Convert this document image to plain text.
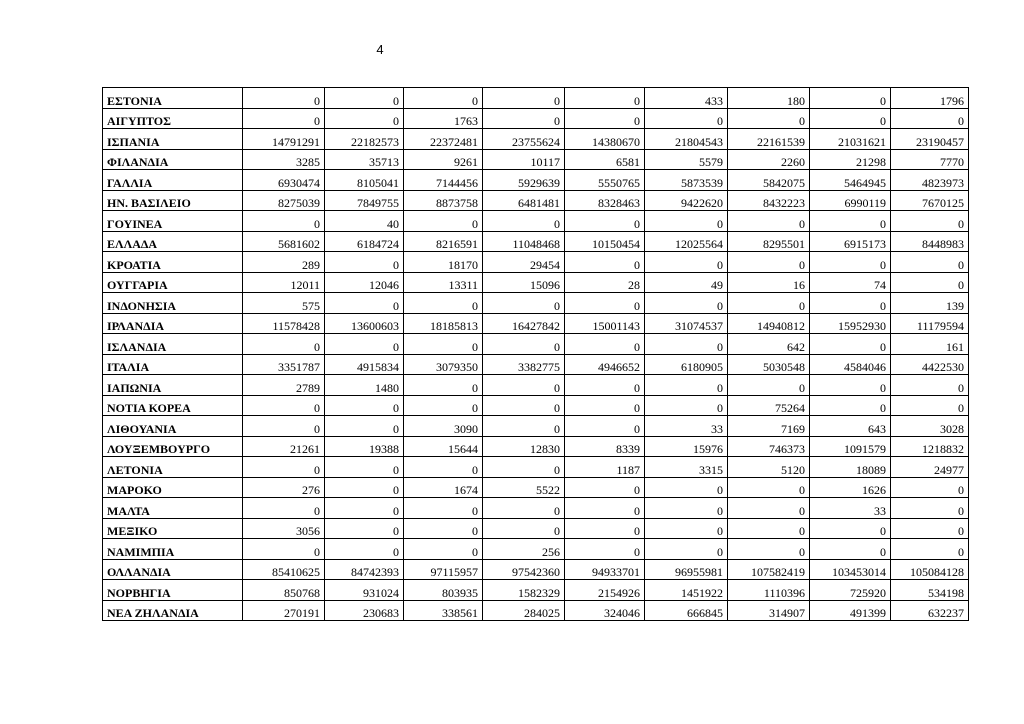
4
ΕΣΤΟΝΙΑ	0	0	0	0	0	433	180	0	1796
ΑΙΓΥΠΤΟΣ	0	0	1763	0	0	0	0	0	0
ΙΣΠΑΝΙΑ	14791291	22182573	22372481	23755624	14380670	21804543	22161539	21031621	23190457
ΦΙΛΑΝΔΙΑ	3285	35713	9261	10117	6581	5579	2260	21298	7770
ΓΑΛΛΙΑ	6930474	8105041	7144456	5929639	5550765	5873539	5842075	5464945	4823973
ΗΝ. ΒΑΣΙΛΕΙΟ	8275039	7849755	8873758	6481481	8328463	9422620	8432223	6990119	7670125
ΓΟΥΙΝΕΑ	0	40	0	0	0	0	0	0	0
ΕΛΛΑΔΑ	5681602	6184724	8216591	11048468	10150454	12025564	8295501	6915173	8448983
ΚΡΟΑΤΙΑ	289	0	18170	29454	0	0	0	0	0
ΟΥΓΓΑΡΙΑ	12011	12046	13311	15096	28	49	16	74	0
ΙΝΔΟΝΗΣΙΑ	575	0	0	0	0	0	0	0	139
ΙΡΛΑΝΔΙΑ	11578428	13600603	18185813	16427842	15001143	31074537	14940812	15952930	11179594
ΙΣΛΑΝΔΙΑ	0	0	0	0	0	0	642	0	161
ΙΤΑΛΙΑ	3351787	4915834	3079350	3382775	4946652	6180905	5030548	4584046	4422530
ΙΑΠΩΝΙΑ	2789	1480	0	0	0	0	0	0	0
ΝΟΤΙΑ ΚΟΡΕΑ	0	0	0	0	0	0	75264	0	0
ΛΙΘΟΥΑΝΙΑ	0	0	3090	0	0	33	7169	643	3028
ΛΟΥΞΕΜΒΟΥΡΓΟ	21261	19388	15644	12830	8339	15976	746373	1091579	1218832
ΛΕΤΟΝΙΑ	0	0	0	0	1187	3315	5120	18089	24977
ΜΑΡΟΚΟ	276	0	1674	5522	0	0	0	1626	0
ΜΑΛΤΑ	0	0	0	0	0	0	0	33	0
ΜΕΞΙΚΟ	3056	0	0	0	0	0	0	0	0
ΝΑΜΙΜΠΙΑ	0	0	0	256	0	0	0	0	0
ΟΛΛΑΝΔΙΑ	85410625	84742393	97115957	97542360	94933701	96955981	107582419	103453014	105084128
ΝΟΡΒΗΓΙΑ	850768	931024	803935	1582329	2154926	1451922	1110396	725920	534198
ΝΕΑ ΖΗΛΑΝΔΙΑ	270191	230683	338561	284025	324046	666845	314907	491399	632237
